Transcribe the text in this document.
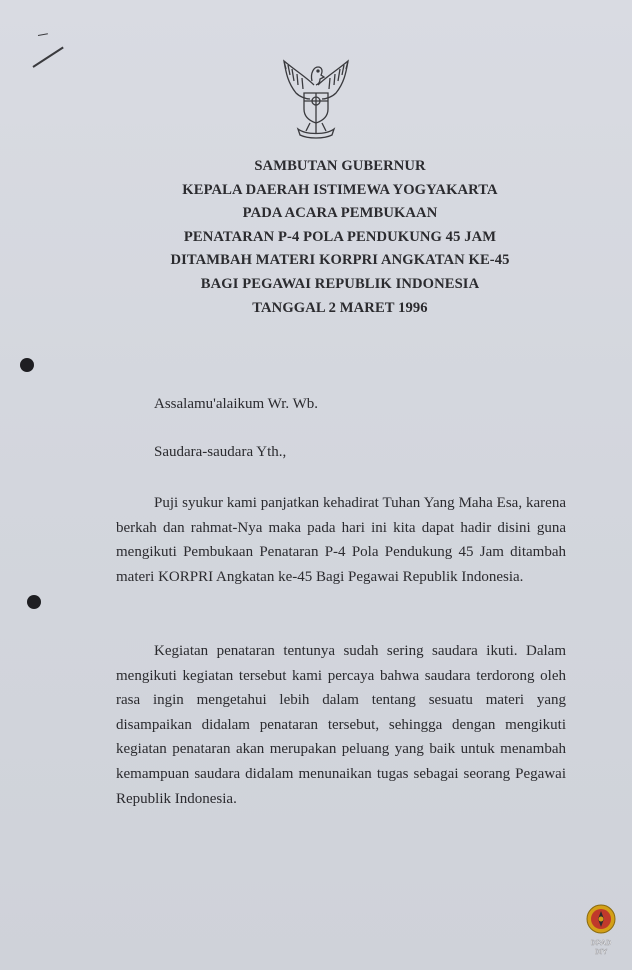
SAMBUTAN GUBERNUR
KEPALA DAERAH ISTIMEWA YOGYAKARTA
PADA ACARA PEMBUKAAN
PENATARAN P-4 POLA PENDUKUNG 45 JAM
DITAMBAH MATERI KORPRI ANGKATAN KE-45
BAGI PEGAWAI REPUBLIK INDONESIA
TANGGAL 2 MARET 1996
Assalamu'alaikum Wr. Wb.
Saudara-saudara Yth.,
Puji syukur kami panjatkan kehadirat Tuhan Yang Maha Esa, karena berkah dan rahmat-Nya maka pada hari ini kita dapat hadir disini guna mengikuti Pembukaan Penataran P-4 Pola Pendukung 45 Jam ditambah materi KORPRI Angkatan ke-45 Bagi Pegawai Republik Indonesia.
Kegiatan penataran tentunya sudah sering saudara ikuti. Dalam mengikuti kegiatan tersebut kami percaya bahwa saudara terdorong oleh rasa ingin mengetahui lebih dalam tentang sesuatu materi yang disampaikan didalam penataran tersebut, sehingga dengan mengikuti kegiatan penataran akan merupakan peluang yang baik untuk menambah kemampuan saudara didalam menunaikan tugas sebagai seorang Pegawai Republik Indonesia.
DPAD
DIY
